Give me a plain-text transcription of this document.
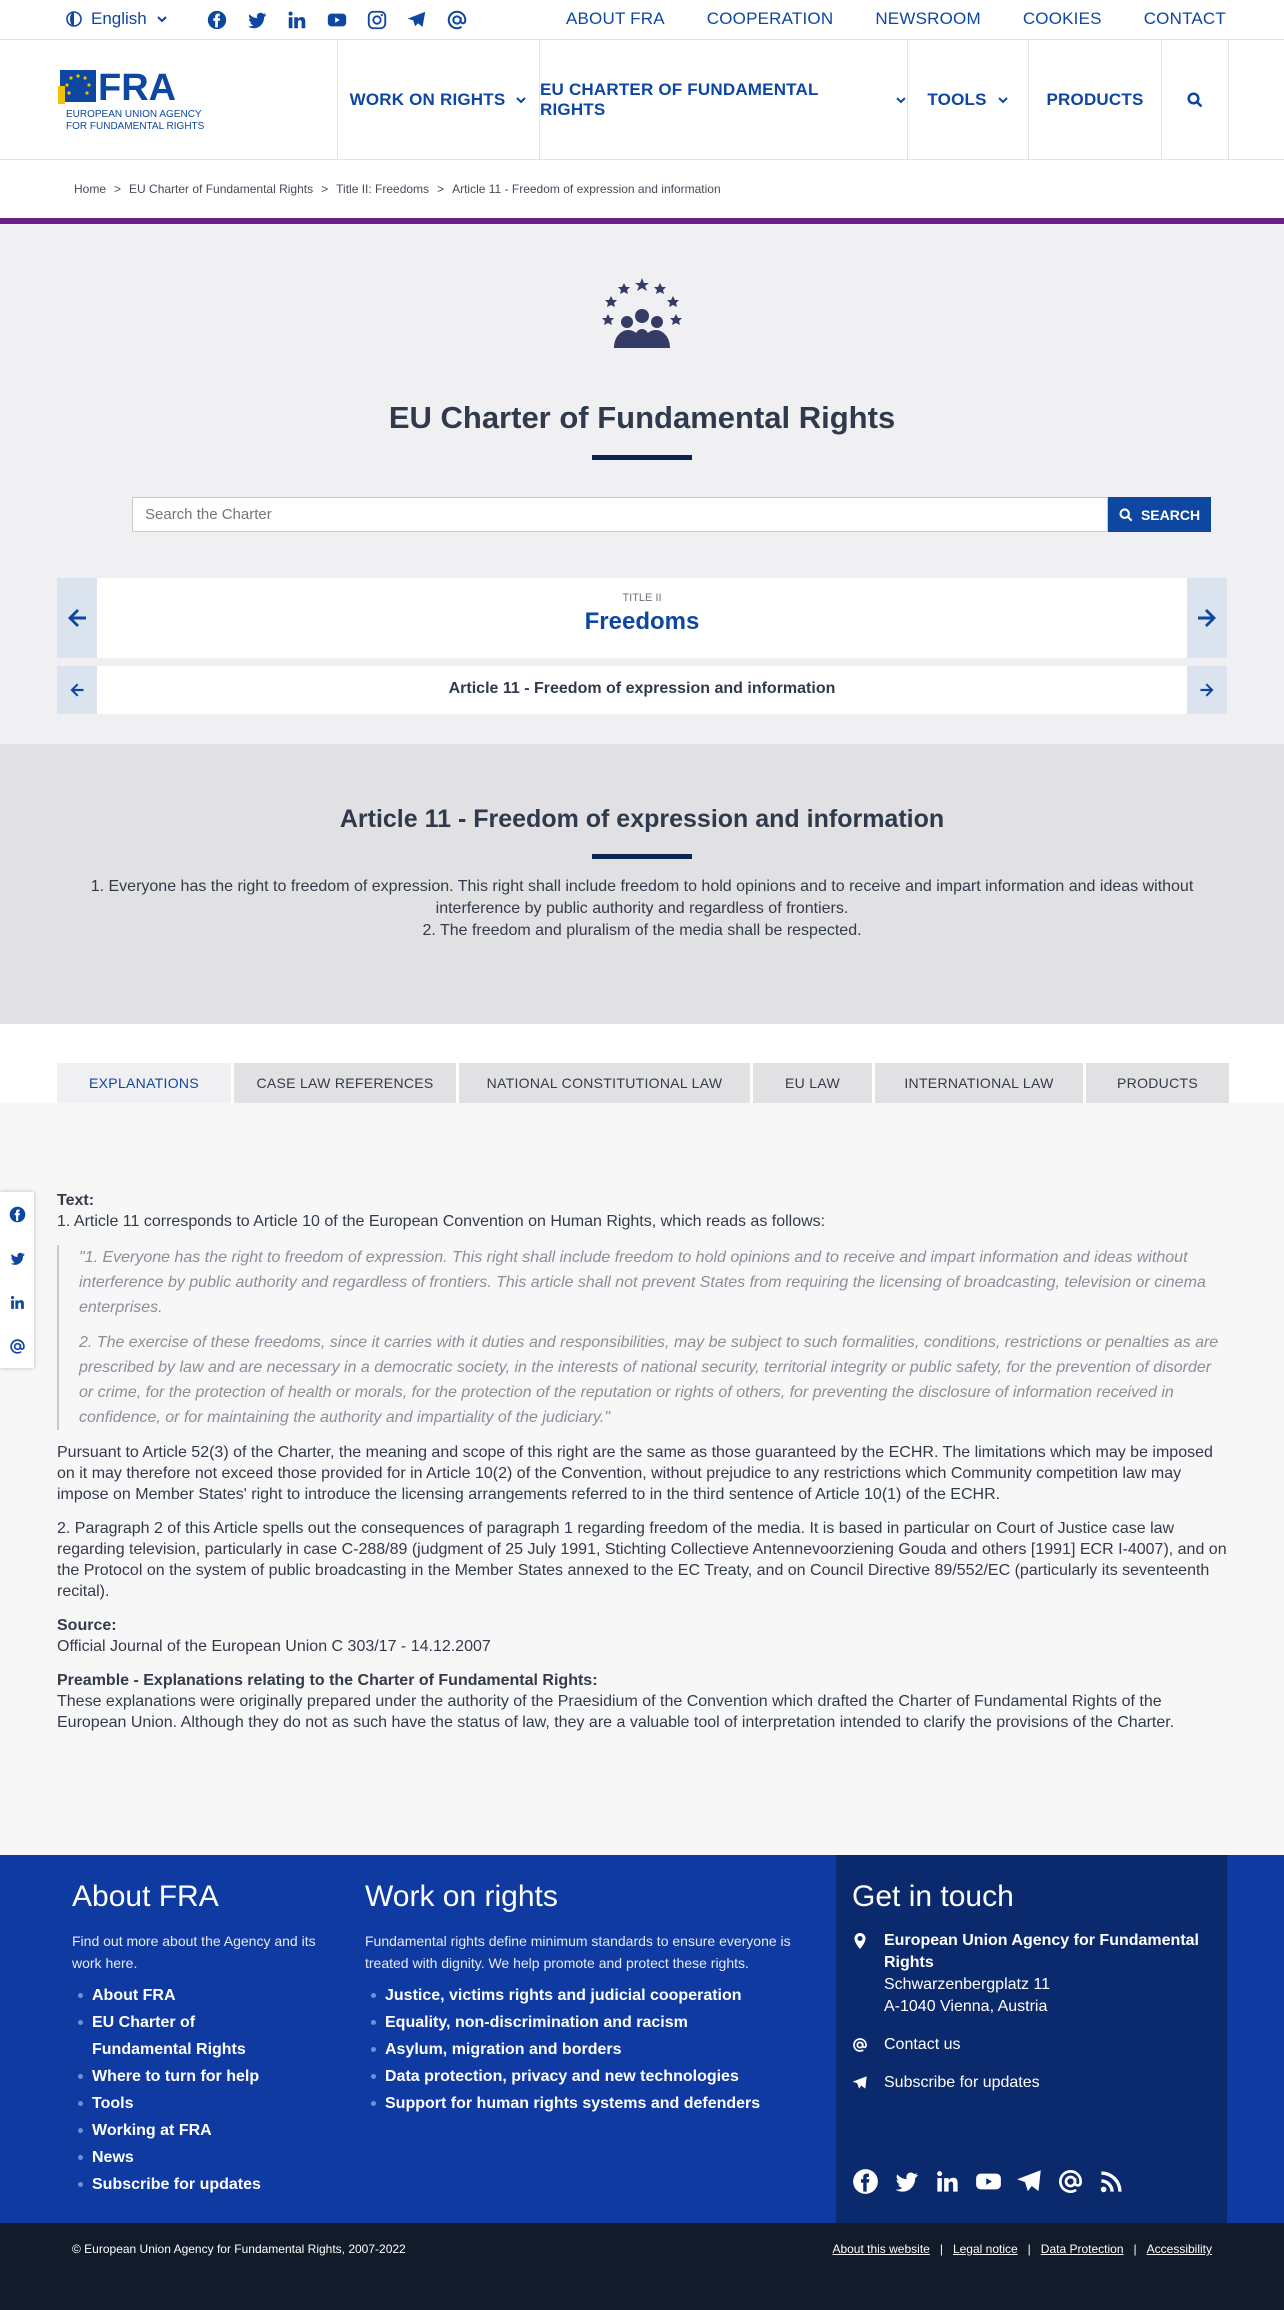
English	ABOUT FRA COOPERATION NEWSROOM COOKIES CONTACT
FRA
EUROPEAN UNION AGENCY
FOR FUNDAMENTAL RIGHTS
WORK ON RIGHTS
EU CHARTER OF FUNDAMENTAL RIGHTS
TOOLS	PRODUCTS
Home > EU Charter of Fundamental Rights > Title II: Freedoms > Article 11 - Freedom of expression and information
EU Charter of Fundamental Rights
Search the Charter
SEARCH
TITLE II
Freedoms
Article 11 - Freedom of expression and information
Article 11 - Freedom of expression and information
1. Everyone has the right to freedom of expression. This right shall include freedom to hold opinions and to receive and impart information and ideas without interference by public authority and regardless of frontiers.
2. The freedom and pluralism of the media shall be respected.
EXPLANATIONS	CASE LAW REFERENCES	NATIONAL CONSTITUTIONAL LAW	EU LAW	INTERNATIONAL LAW	PRODUCTS
Text:

1. Article 11 corresponds to Article 10 of the European Convention on Human Rights, which reads as follows:

"1. Everyone has the right to freedom of expression. This right shall include freedom to hold opinions and to receive and impart information and ideas without interference by public authority and regardless of frontiers. This article shall not prevent States from requiring the licensing of broadcasting, television or cinema enterprises.

2. The exercise of these freedoms, since it carries with it duties and responsibilities, may be subject to such formalities, conditions, restrictions or penalties as are prescribed by law and are necessary in a democratic society, in the interests of national security, territorial integrity or public safety, for the prevention of disorder or crime, for the protection of health or morals, for the protection of the reputation or rights of others, for preventing the disclosure of information received in confidence, or for maintaining the authority and impartiality of the judiciary."

Pursuant to Article 52(3) of the Charter, the meaning and scope of this right are the same as those guaranteed by the ECHR. The limitations which may be imposed on it may therefore not exceed those provided for in Article 10(2) of the Convention, without prejudice to any restrictions which Community competition law may impose on Member States' right to introduce the licensing arrangements referred to in the third sentence of Article 10(1) of the ECHR.

2. Paragraph 2 of this Article spells out the consequences of paragraph 1 regarding freedom of the media. It is based in particular on Court of Justice case law regarding television, particularly in case C-288/89 (judgment of 25 July 1991, Stichting Collectieve Antennevoorziening Gouda and others [1991] ECR I-4007), and on the Protocol on the system of public broadcasting in the Member States annexed to the EC Treaty, and on Council Directive 89/552/EC (particularly its seventeenth recital).

Source:

Official Journal of the European Union C 303/17 - 14.12.2007

Preamble - Explanations relating to the Charter of Fundamental Rights:

These explanations were originally prepared under the authority of the Praesidium of the Convention which drafted the Charter of Fundamental Rights of the European Union. Although they do not as such have the status of law, they are a valuable tool of interpretation intended to clarify the provisions of the Charter.

About FRA
Find out more about the Agency and its work here.
About FRA
EU Charter of Fundamental Rights
Where to turn for help
Tools
Working at FRA
News
Subscribe for updates
Work on rights
Fundamental rights define minimum standards to ensure everyone is treated with dignity. We help promote and protect these rights.
Justice, victims rights and judicial cooperation
Equality, non-discrimination and racism
Asylum, migration and borders
Data protection, privacy and new technologies
Support for human rights systems and defenders
Get in touch
European Union Agency for Fundamental Rights
Schwarzenbergplatz 11
A-1040 Vienna, Austria
Contact us
Subscribe for updates
© European Union Agency for Fundamental Rights, 2007-2022	About this website | Legal notice | Data Protection | Accessibility
